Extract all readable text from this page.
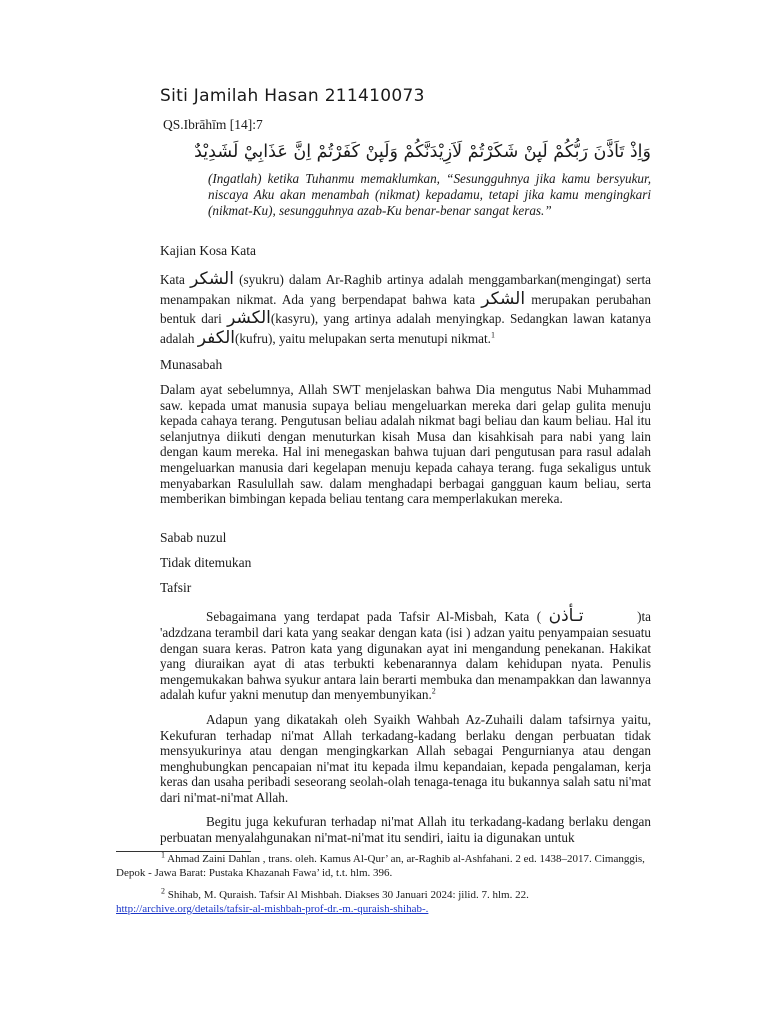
Siti Jamilah Hasan 211410073
QS.Ibrāhīm [14]:7
وَاِذْ تَاَذَّنَ رَبُّكُمْ لَىِٕنْ شَكَرْتُمْ لَاَزِيْدَنَّكُمْ وَلَىِٕنْ كَفَرْتُمْ اِنَّ عَذَابِيْ لَشَدِيْدٌ
(Ingatlah) ketika Tuhanmu memaklumkan, “Sesungguhnya jika kamu bersyukur, niscaya Aku akan menambah (nikmat) kepadamu, tetapi jika kamu mengingkari (nikmat-Ku), sesungguhnya azab-Ku benar-benar sangat keras.”
Kajian Kosa Kata
Kata الشكر (syukru) dalam Ar-Raghib artinya adalah menggambarkan(mengingat) serta menampakan nikmat. Ada yang berpendapat bahwa kata الشكر merupakan perubahan bentuk dari الكشر(kasyru), yang artinya adalah menyingkap. Sedangkan lawan katanya adalah الكفر(kufru), yaitu melupakan serta menutupi nikmat.$^1$
Munasabah
Dalam ayat sebelumnya, Allah SWT menjelaskan bahwa Dia mengutus Nabi Muhammad saw. kepada umat manusia supaya beliau mengeluarkan mereka dari gelap gulita menuju kepada cahaya terang. Pengutusan beliau adalah nikmat bagi beliau dan kaum beliau. Hal itu selanjutnya diikuti dengan menuturkan kisah Musa dan kisahkisah para nabi yang lain dengan kaum mereka. Hal ini menegaskan bahwa tujuan dari pengutusan para rasul adalah mengeluarkan manusia dari kegelapan menuju kepada cahaya terang. fuga sekaligus untuk menyabarkan Rasulullah saw. dalam menghadapi berbagai gangguan kaum beliau, serta memberikan bimbingan kepada beliau tentang cara memperlakukan mereka.
Sabab nuzul
Tidak ditemukan
Tafsir
Sebagaimana yang terdapat pada Tafsir Al-Misbah, Kata ( تـأذن	)ta 'adzdzana terambil dari kata yang seakar dengan kata (isi ) adzan yaitu penyampaian sesuatu dengan suara keras. Patron kata yang digunakan ayat ini mengandung penekanan. Hakikat yang diuraikan ayat di atas terbukti kebenarannya dalam kehidupan nyata. Penulis mengemukakan bahwa syukur antara lain berarti membuka dan menampakkan dan lawannya adalah kufur yakni menutup dan menyembunyikan.$^2$
Adapun yang dikatakah oleh Syaikh Wahbah Az-Zuhaili dalam tafsirnya yaitu, Kekufuran terhadap ni'mat Allah terkadang-kadang berlaku dengan perbuatan tidak mensyukurinya atau dengan mengingkarkan Allah sebagai Pengurnianya atau dengan menghubungkan pencapaian ni'mat itu kepada ilmu kepandaian, kepada pengalaman, kerja keras dan usaha peribadi seseorang seolah-olah tenaga-tenaga itu bukannya salah satu ni'mat dari ni'mat-ni'mat Allah.
Begitu juga kekufuran terhadap ni'mat Allah itu terkadang-kadang berlaku dengan perbuatan menyalahgunakan ni'mat-ni'mat itu sendiri, iaitu ia digunakan untuk
$^1$ Ahmad Zaini Dahlan , trans. oleh. Kamus Al-Qur’ an, ar-Raghib al-Ashfahani. 2 ed. 1438–2017. Cimanggis, Depok - Jawa Barat: Pustaka Khazanah Fawa’ id, t.t. hlm. 396.
$^2$ Shihab, M. Quraish. Tafsir Al Mishbah. Diakses 30 Januari 2024: jilid. 7. hlm. 22.
http://archive.org/details/tafsir-al-mishbah-prof-dr.-m.-quraish-shihab-.
